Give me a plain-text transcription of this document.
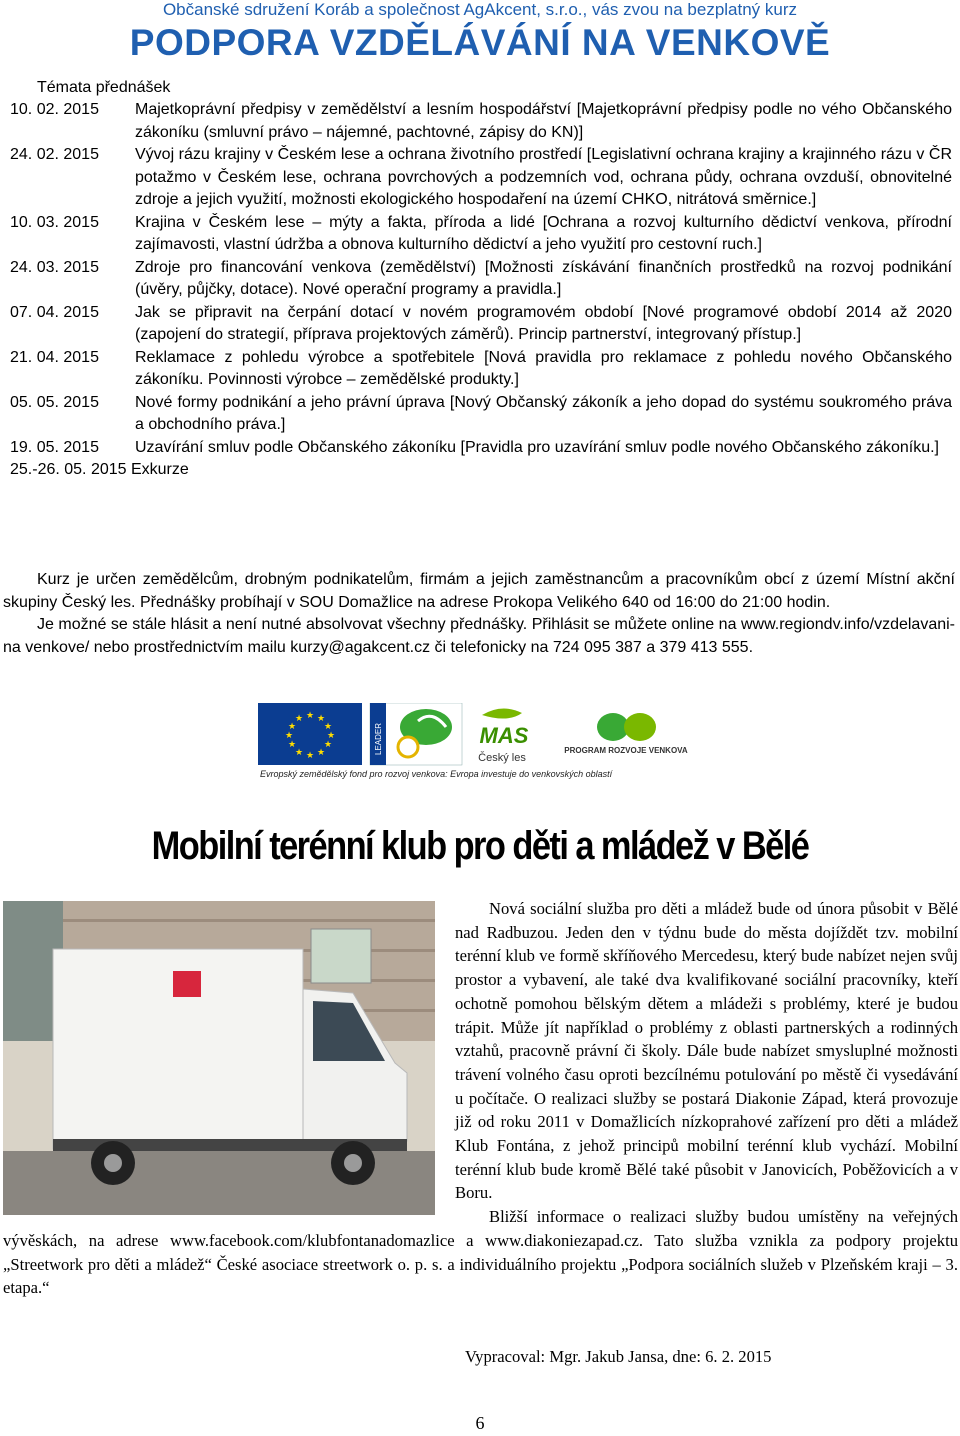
Občanské sdružení Koráb a společnost AgAkcent, s.r.o., vás zvou na bezplatný kurz
PODPORA VZDĚLÁVÁNÍ NA VENKOVĚ
Témata přednášek
10. 02. 2015 Majetkoprávní předpisy v zemědělství a lesním hospodářství [Majetkoprávní předpisy podle no vého Občanského zákoníku (smluvní právo – nájemné, pachtovné, zápisy do KN)]
24. 02. 2015 Vývoj rázu krajiny v Českém lese a ochrana životního prostředí [Legislativní ochrana krajiny a krajinného rázu v ČR potažmo v Českém lese, ochrana povrchových a podzemních vod, ochrana půdy, ochrana ovzduší, obnovitelné zdroje a jejich využití, možnosti ekologického hospodaření na území CHKO, nitrátová směrnice.]
10. 03. 2015 Krajina v Českém lese – mýty a fakta, příroda a lidé [Ochrana a rozvoj kulturního dědictví venkova, přírodní zajímavosti, vlastní údržba a obnova kulturního dědictví a jeho využití pro cestovní ruch.]
24. 03. 2015 Zdroje pro financování venkova (zemědělství) [Možnosti získávání finančních prostředků na rozvoj podnikání (úvěry, půjčky, dotace). Nové operační programy a pravidla.]
07. 04. 2015 Jak se připravit na čerpání dotací v novém programovém období [Nové programové období 2014 až 2020 (zapojení do strategií, příprava projektových záměrů). Princip partnerství, integrovaný přístup.]
21. 04. 2015 Reklamace z pohledu výrobce a spotřebitele [Nová pravidla pro reklamace z pohledu nového Občanského zákoníku. Povinnosti výrobce – zemědělské produkty.]
05. 05. 2015 Nové formy podnikání a jeho právní úprava [Nový Občanský zákoník a jeho dopad do systému soukromého práva a obchodního práva.]
19. 05. 2015 Uzavírání smluv podle Občanského zákoníku [Pravidla pro uzavírání smluv podle nového Občanského zákoníku.]
25.-26. 05. 2015 Exkurze

Kurz je určen zemědělcům, drobným podnikatelům, firmám a jejich zaměstnancům a pracovníkům obcí z území Místní akční skupiny Český les. Přednášky probíhají v SOU Domažlice na adrese Prokopa Velikého 640 od 16:00 do 21:00 hodin.

Je možné se stále hlásit a není nutné absolvovat všechny přednášky. Přihlásit se můžete online na www.regiondv.info/vzdelavani-na venkove/ nebo prostřednictvím mailu kurzy@agakcent.cz či telefonicky na 724 095 387 a 379 413 555.

★ ★
★
★
★
★
★
★
★
★
★
★
LEADER	MAS
Český les
PROGRAM ROZVOJE VENKOVA
Evropský zemědělský fond pro rozvoj venkova: Evropa investuje do venkovských oblastí
Mobilní terénní klub pro děti a mládež v Bělé

Nová sociální služba pro děti a mládež bude od února působit v Bělé nad Radbuzou. Jeden den v týdnu bude do města dojíždět tzv. mobilní terénní klub ve formě skříňového Mercedesu, který bude nabízet nejen svůj prostor a vybavení, ale také dva kvalifikované sociální pracovníky, kteří ochotně pomohou bělským dětem a mládeži s problémy, které je budou trápit. Může jít například o problémy z oblasti partnerských a rodinných vztahů, pracovně právní či školy. Dále bude nabízet smysluplné možnosti trávení volného času oproti bezcílnému potulování po městě či vysedávání u počítače. O realizaci služby se postará Diakonie Západ, která provozuje již od roku 2011 v Domažlicích nízkoprahové zařízení pro děti a mládež Klub Fontána, z jehož principů mobilní terénní klub vychází. Mobilní terénní klub bude kromě Bělé také působit v Janovicích, Poběžovicích a v Boru.

Bližší informace o realizaci služby budou umístěny na veřejných vývěskách, na adrese www.facebook.com/klubfontanadomazlice a www.diakoniezapad.cz. Tato služba vznikla za podpory projektu „Streetwork pro děti a mládež“ České asociace streetwork o. p. s. a individuálního projektu „Podpora sociálních služeb v Plzeňském kraji – 3. etapa.“

Vypracoval: Mgr. Jakub Jansa, dne: 6. 2. 2015
6
